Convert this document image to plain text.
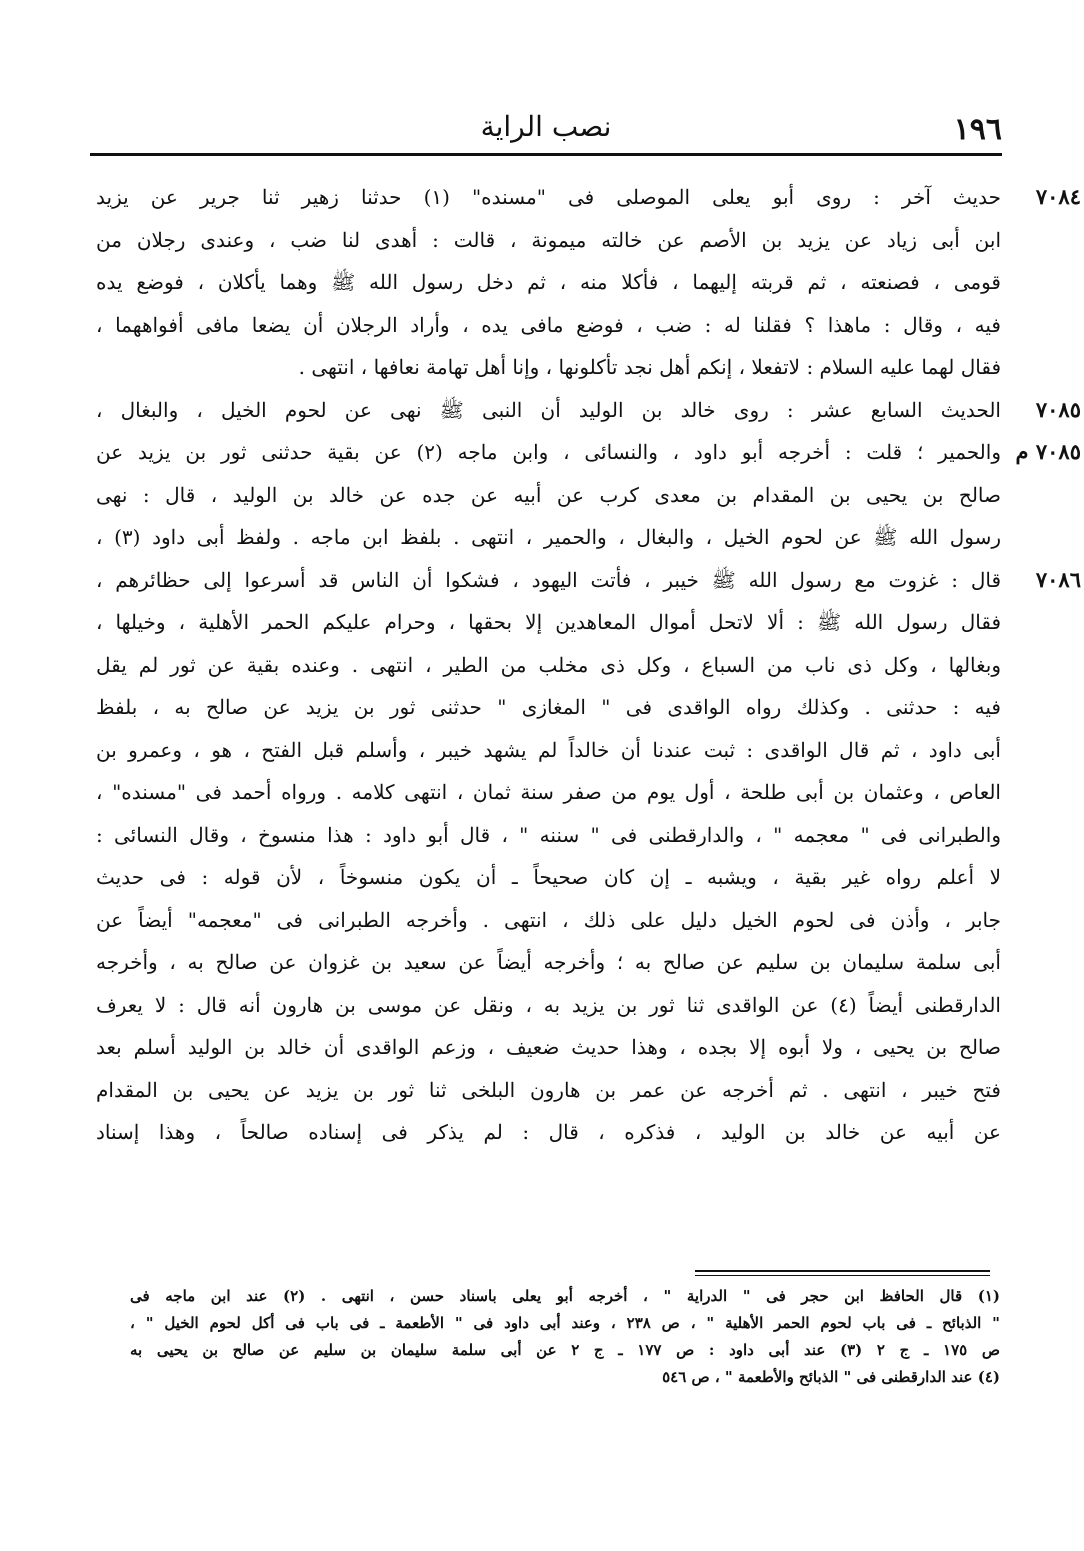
١٩٦
نصب الراية
٧٠٨٤
حديث آخر : روى أبو يعلى الموصلى فى "مسنده" (١) حدثنا زهير ثنا جرير عن يزيد
ابن أبى زياد عن يزيد بن الأصم عن خالته ميمونة ، قالت : أهدى لنا ضب ، وعندى رجلان من
قومى ، فصنعته ، ثم قربته إليهما ، فأكلا منه ، ثم دخل رسول الله ﷺ وهما يأكلان ، فوضع يده
فيه ، وقال : ماهذا ؟ فقلنا له : ضب ، فوضع مافى يده ، وأراد الرجلان أن يضعا مافى أفواههما ،
فقال لهما عليه السلام : لاتفعلا ، إنكم أهل نجد تأكلونها ، وإنا أهل تهامة نعافها ، انتهى .
٧٠٨٥
الحديث السابع عشر : روى خالد بن الوليد أن النبى ﷺ نهى عن لحوم الخيل ، والبغال ،
٧٠٨٥ م
والحمير ؛ قلت : أخرجه أبو داود ، والنسائى ، وابن ماجه (٢) عن بقية حدثنى ثور بن يزيد عن
صالح بن يحيى بن المقدام بن معدى كرب عن أبيه عن جده عن خالد بن الوليد ، قال : نهى
رسول الله ﷺ عن لحوم الخيل ، والبغال ، والحمير ، انتهى . بلفظ ابن ماجه . ولفظ أبى داود (٣) ،
٧٠٨٦
قال : غزوت مع رسول الله ﷺ خيبر ، فأتت اليهود ، فشكوا أن الناس قد أسرعوا إلى حظائرهم ،
فقال رسول الله ﷺ : ألا لاتحل أموال المعاهدين إلا بحقها ، وحرام عليكم الحمر الأهلية ، وخيلها ،
وبغالها ، وكل ذى ناب من السباع ، وكل ذى مخلب من الطير ، انتهى . وعنده بقية عن ثور لم يقل
فيه : حدثنى . وكذلك رواه الواقدى فى " المغازى " حدثنى ثور بن يزيد عن صالح به ، بلفظ
أبى داود ، ثم قال الواقدى : ثبت عندنا أن خالداً لم يشهد خيبر ، وأسلم قبل الفتح ، هو ، وعمرو بن
العاص ، وعثمان بن أبى طلحة ، أول يوم من صفر سنة ثمان ، انتهى كلامه . ورواه أحمد فى "مسنده" ،
والطبرانى فى " معجمه " ، والدارقطنى فى " سننه " ، قال أبو داود : هذا منسوخ ، وقال النسائى :
لا أعلم رواه غير بقية ، ويشبه ـ إن كان صحيحاً ـ أن يكون منسوخاً ، لأن قوله : فى حديث
جابر ، وأذن فى لحوم الخيل دليل على ذلك ، انتهى . وأخرجه الطبرانى فى "معجمه" أيضاً عن
أبى سلمة سليمان بن سليم عن صالح به ؛ وأخرجه أيضاً عن سعيد بن غزوان عن صالح به ، وأخرجه
الدارقطنى أيضاً (٤) عن الواقدى ثنا ثور بن يزيد به ، ونقل عن موسى بن هارون أنه قال : لا يعرف
صالح بن يحيى ، ولا أبوه إلا بجده ، وهذا حديث ضعيف ، وزعم الواقدى أن خالد بن الوليد أسلم بعد
فتح خيبر ، انتهى . ثم أخرجه عن عمر بن هارون البلخى ثنا ثور بن يزيد عن يحيى بن المقدام
عن أبيه عن خالد بن الوليد ، فذكره ، قال : لم يذكر فى إسناده صالحاً ، وهذا إسناد
(١) قال الحافظ ابن حجر فى " الدراية " ، أخرجه أبو يعلى باسناد حسن ، انتهى . (٢) عند ابن ماجه فى
" الذبائح ـ فى باب لحوم الحمر الأهلية " ، ص ٢٣٨ ، وعند أبى داود فى " الأطعمة ـ فى باب فى أكل لحوم الخيل " ،
ص ١٧٥ ـ ج ٢ (٣) عند أبى داود : ص ١٧٧ ـ ج ٢ عن أبى سلمة سليمان بن سليم عن صالح بن يحيى به
(٤) عند الدارقطنى فى " الذبائح والأطعمة " ، ص ٥٤٦
